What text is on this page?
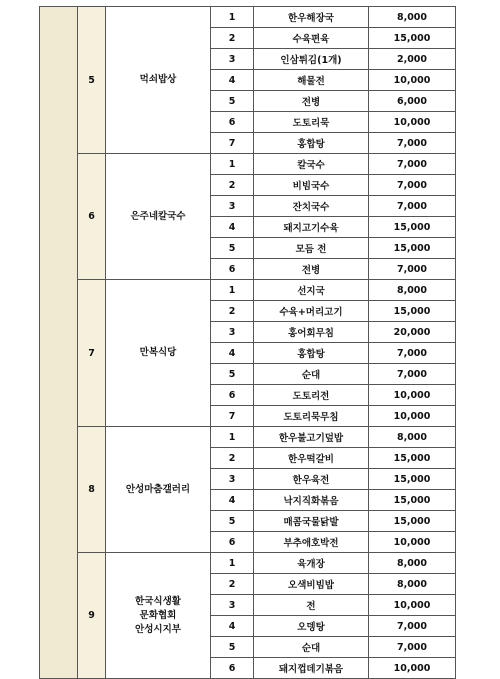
	5	먹쇠밥상	1	한우해장국	8,000
			2	수육편육	15,000
			3	인삼튀김(1개)	2,000
			4	해물전	10,000
			5	전병	6,000
			6	도토리묵	10,000
			7	홍합탕	7,000
	6	은주네칼국수	1	칼국수	7,000
			2	비빔국수	7,000
			3	잔치국수	7,000
			4	돼지고기수육	15,000
			5	모듬 전	15,000
			6	전병	7,000
	7	만복식당	1	선지국	8,000
			2	수육+머리고기	15,000
			3	홍어회무침	20,000
			4	홍합탕	7,000
			5	순대	7,000
			6	도토리전	10,000
			7	도토리묵무침	10,000
	8	안성마춤갤러리	1	한우불고기덮밥	8,000
			2	한우떡갈비	15,000
			3	한우육전	15,000
			4	낙지직화볶음	15,000
			5	매콤국물닭발	15,000
			6	부추애호박전	10,000
	9	한국식생활
문화협회
안성시지부	1	육개장	8,000
			2	오색비빔밥	8,000
			3	전	10,000
			4	오뎅탕	7,000
			5	순대	7,000
			6	돼지껍데기볶음	10,000
